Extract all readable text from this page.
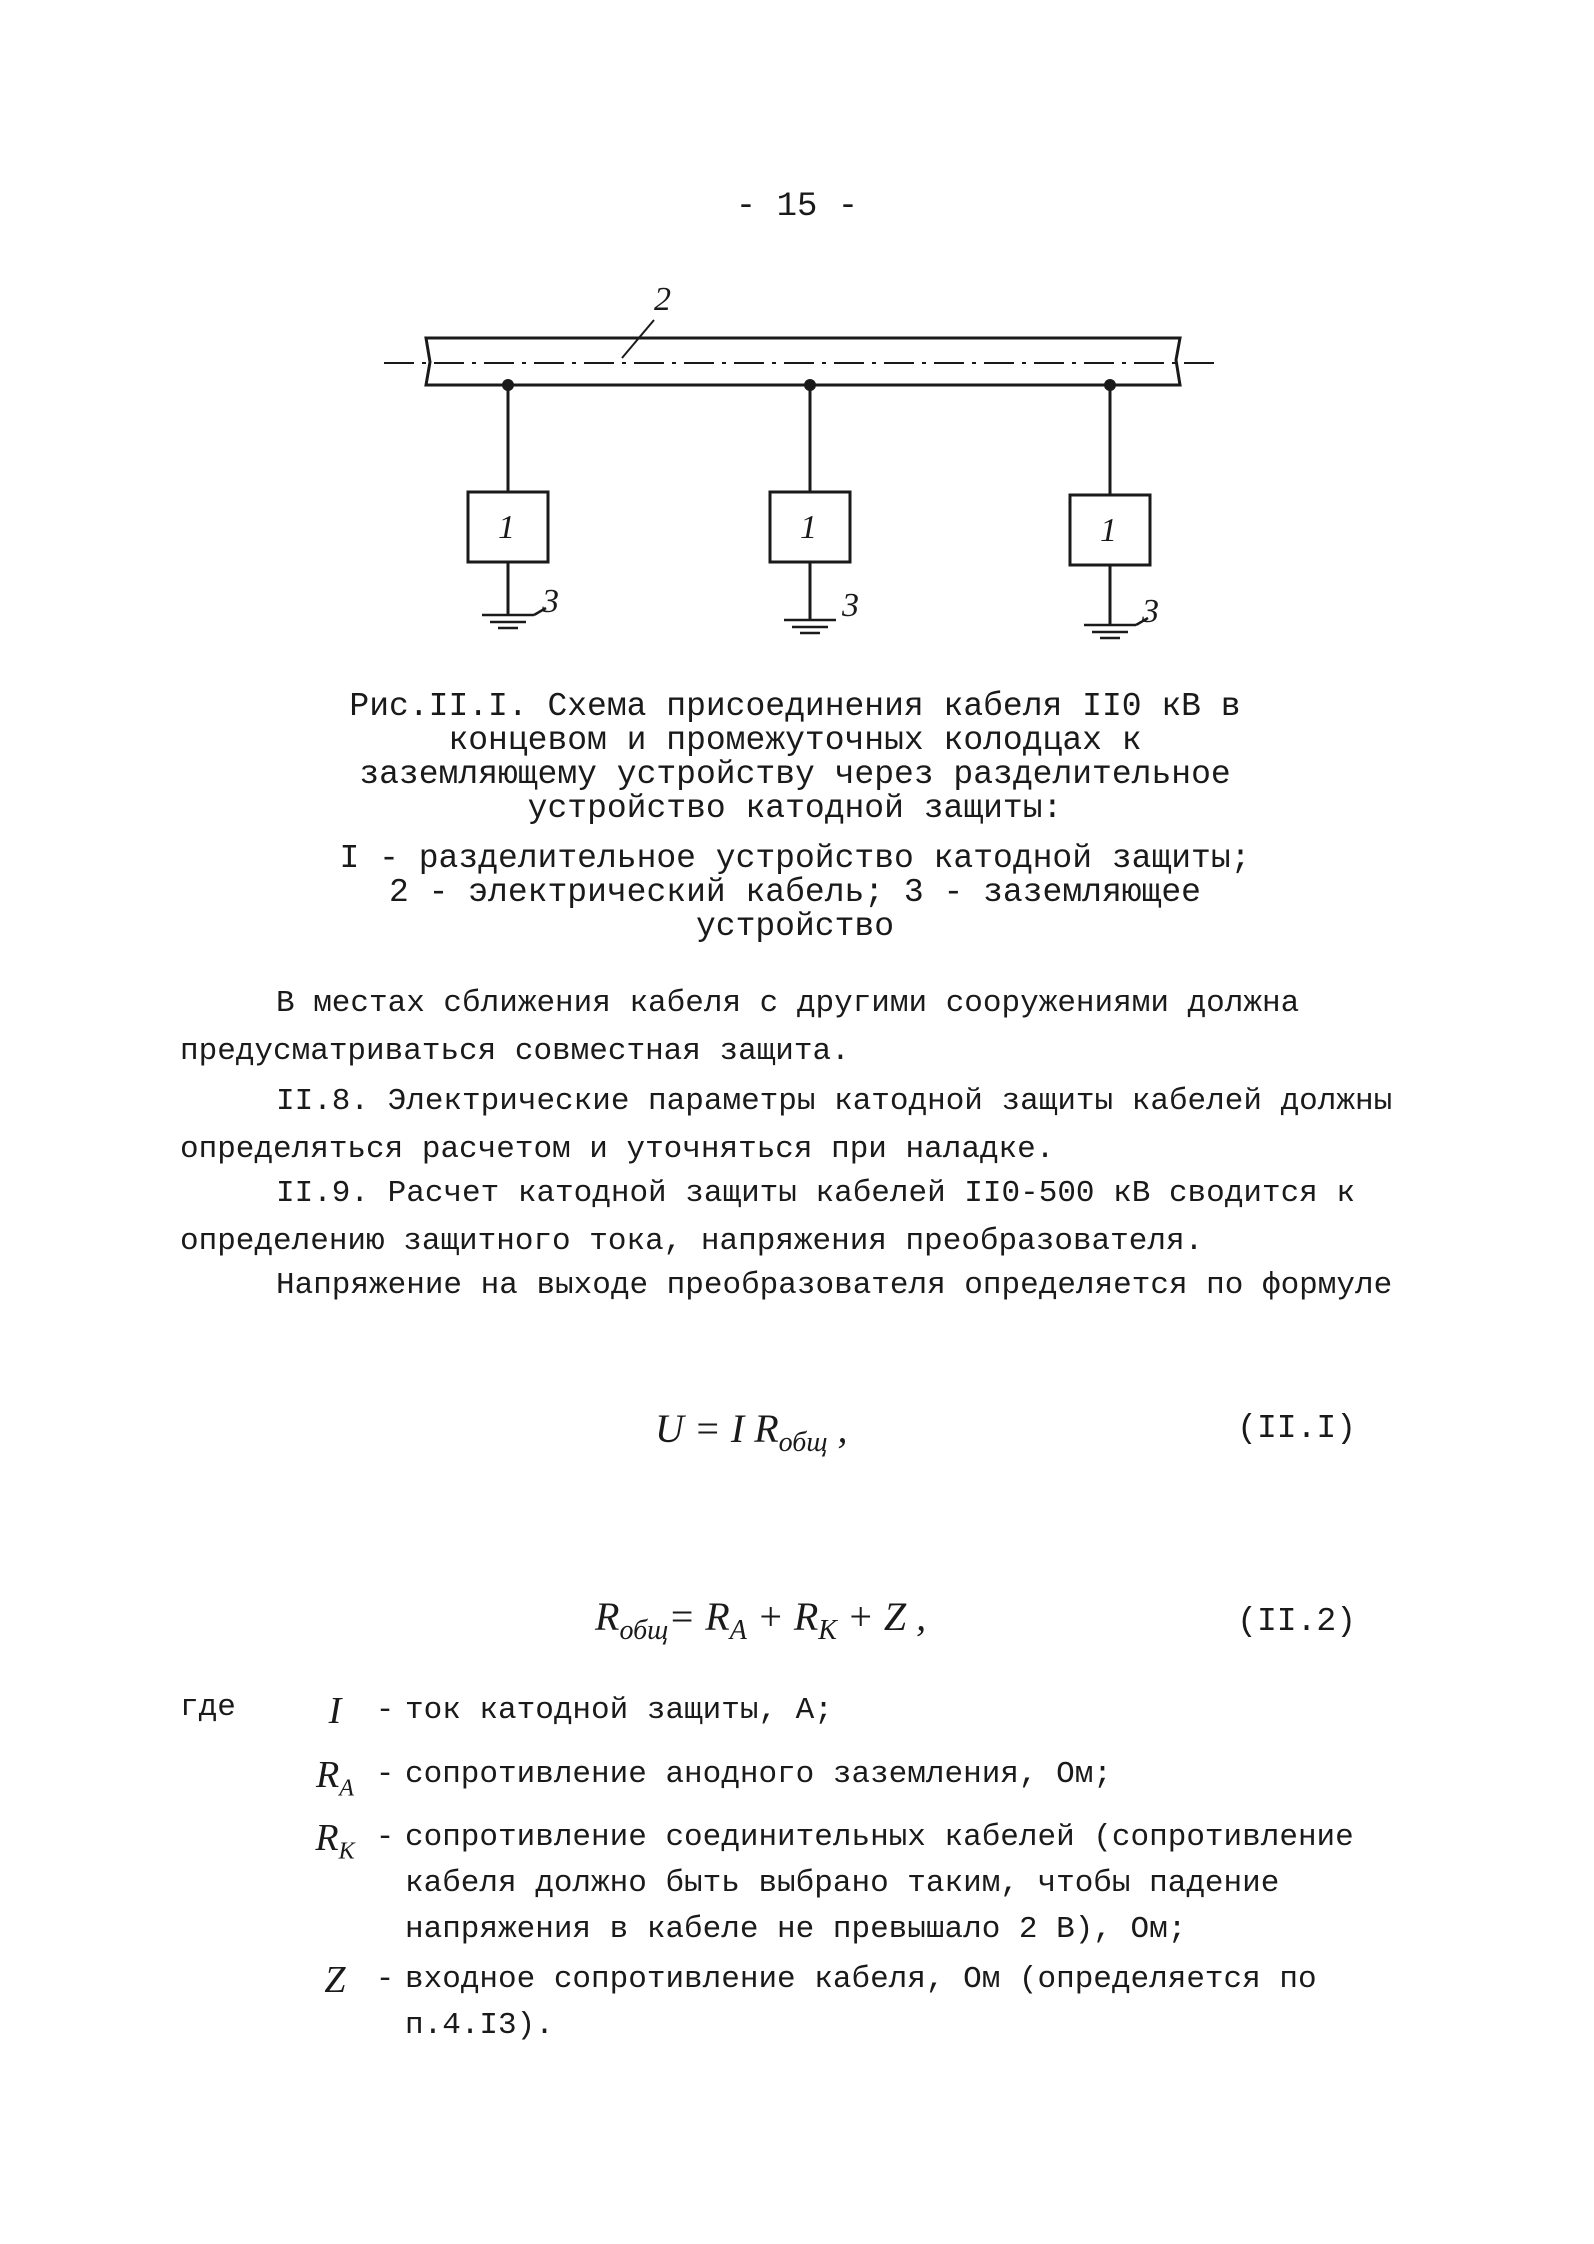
- 15 -
2
1	1	1
3	3	3
Рис.II.I. Схема присоединения кабеля II0 кВ в концевом и промежуточных колодцах к заземляющему устройству через разделительное устройство катодной защиты:
I - разделительное устройство катодной защиты; 2 - электрический кабель; 3 - заземляющее устройство

В местах сближения кабеля с другими сооружениями должна предусматриваться совместная защита.

II.8. Электрические параметры катодной защиты кабелей должны определяться расчетом и уточняться при наладке.

II.9. Расчет катодной защиты кабелей II0-500 кВ сводится к определению защитного тока, напряжения преобразователя.

Напряжение на выходе преобразователя определяется по формуле

U = I $R_{общ}$ ,	(II.I)
$R_{общ}= R_А + R_К + Z$ ,	(II.2)
где	I	- ток катодной защиты, А;
$R_А$ - сопротивление анодного заземления, Ом;
$R_К$ - сопротивление соединительных кабелей (сопротивление кабеля должно быть выбрано таким, чтобы падение напряжения в кабеле не превышало 2 В), Ом;
Z - входное сопротивление кабеля, Ом (определяется по п.4.I3).
